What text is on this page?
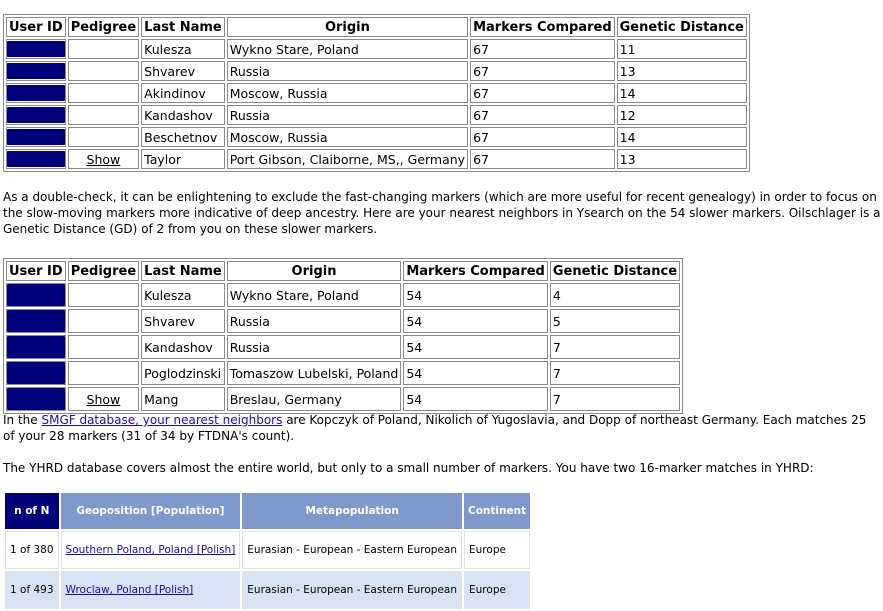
User ID	Pedigree	Last Name	Origin	Markers Compared	Genetic Distance

		Kulesza	Wykno Stare, Poland	67	11

		Shvarev	Russia	67	13

		Akindinov	Moscow, Russia	67	14

		Kandashov	Russia	67	12

		Beschetnov	Moscow, Russia	67	14

	Show	Taylor	Port Gibson, Claiborne, MS,, Germany	67	13

As a double-check, it can be enlightening to exclude the fast-changing markers (which are more useful for recent genealogy) in order to focus on the slow-moving markers more indicative of deep ancestry. Here are your nearest neighbors in Ysearch on the 54 slower markers. Oilschlager is a Genetic Distance (GD) of 2 from you on these slower markers.

User ID	Pedigree	Last Name	Origin	Markers Compared	Genetic Distance

		Kulesza	Wykno Stare, Poland	54	4

		Shvarev	Russia	54	5

		Kandashov	Russia	54	7

		Poglodzinski	Tomaszow Lubelski, Poland	54	7

	Show	Mang	Breslau, Germany	54	7

In the SMGF database, your nearest neighbors are Kopczyk of Poland, Nikolich of Yugoslavia, and Dopp of northeast Germany. Each matches 25 of your 28 markers (31 of 34 by FTDNA's count).

The YHRD database covers almost the entire world, but only to a small number of markers. You have two 16-marker matches in YHRD:

n of N	Geoposition [Population]	Metapopulation	Continent
1 of 380	Southern Poland, Poland [Polish]	Eurasian - European - Eastern European	Europe
1 of 493	Wroclaw, Poland [Polish]	Eurasian - European - Eastern European	Europe
